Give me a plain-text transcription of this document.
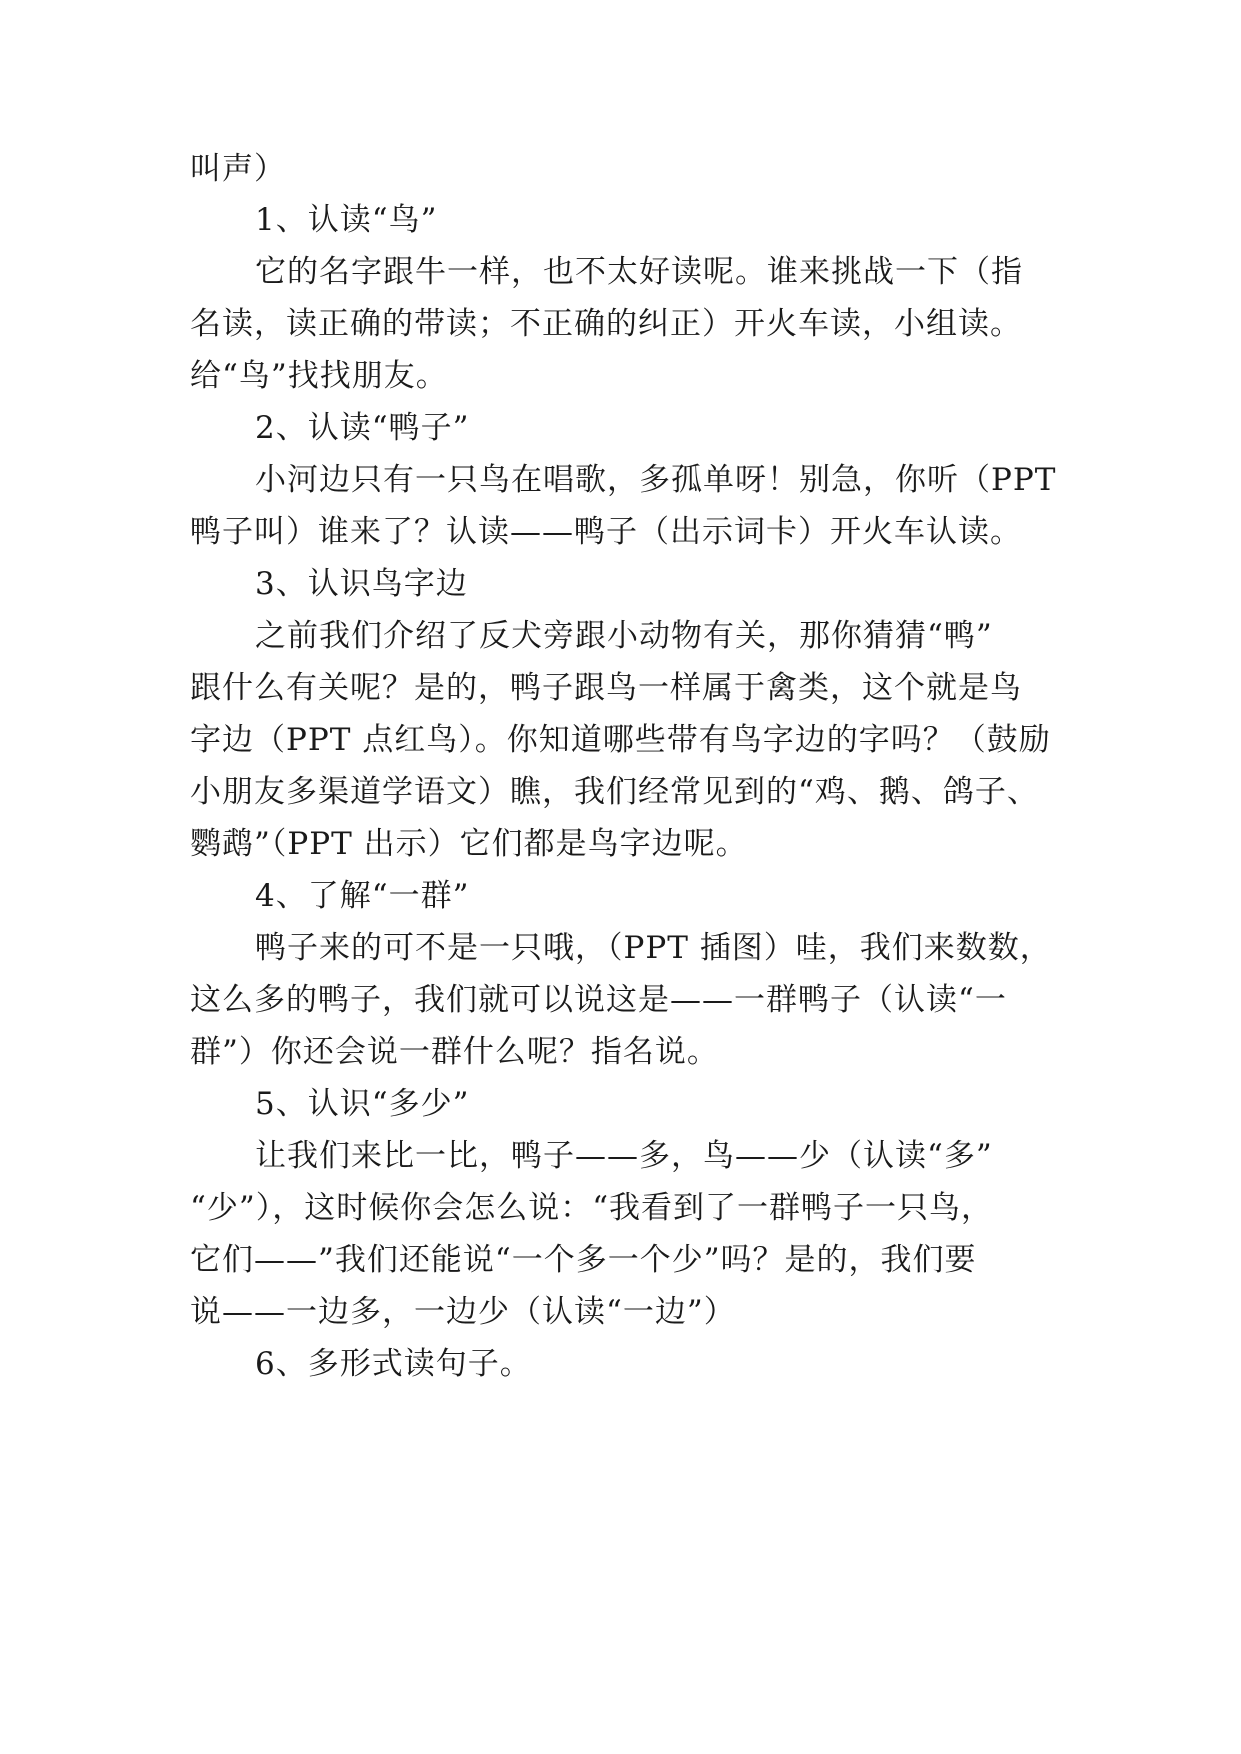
叫声）
1、认读“鸟”
它的名字跟牛一样，也不太好读呢。谁来挑战一下（指
名读，读正确的带读；不正确的纠正）开火车读，小组读。
给“鸟”找找朋友。
2、认读“鸭子”
小河边只有一只鸟在唱歌，多孤单呀！别急，你听（PPT
鸭子叫）谁来了？认读——鸭子（出示词卡）开火车认读。
3、认识鸟字边
之前我们介绍了反犬旁跟小动物有关，那你猜猜“鸭”
跟什么有关呢？是的，鸭子跟鸟一样属于禽类，这个就是鸟
字边（PPT 点红鸟）。你知道哪些带有鸟字边的字吗？（鼓励
小朋友多渠道学语文）瞧，我们经常见到的“鸡、鹅、鸽子、
鹦鹉”（PPT 出示）它们都是鸟字边呢。
4、了解“一群”
鸭子来的可不是一只哦，（PPT 插图）哇，我们来数数，
这么多的鸭子，我们就可以说这是——一群鸭子（认读“一
群”）你还会说一群什么呢？指名说。
5、认识“多少”
让我们来比一比，鸭子——多，鸟——少（认读“多”
“少”），这时候你会怎么说：“我看到了一群鸭子一只鸟，
它们——”我们还能说“一个多一个少”吗？是的，我们要
说——一边多，一边少（认读“一边”）
6、多形式读句子。
